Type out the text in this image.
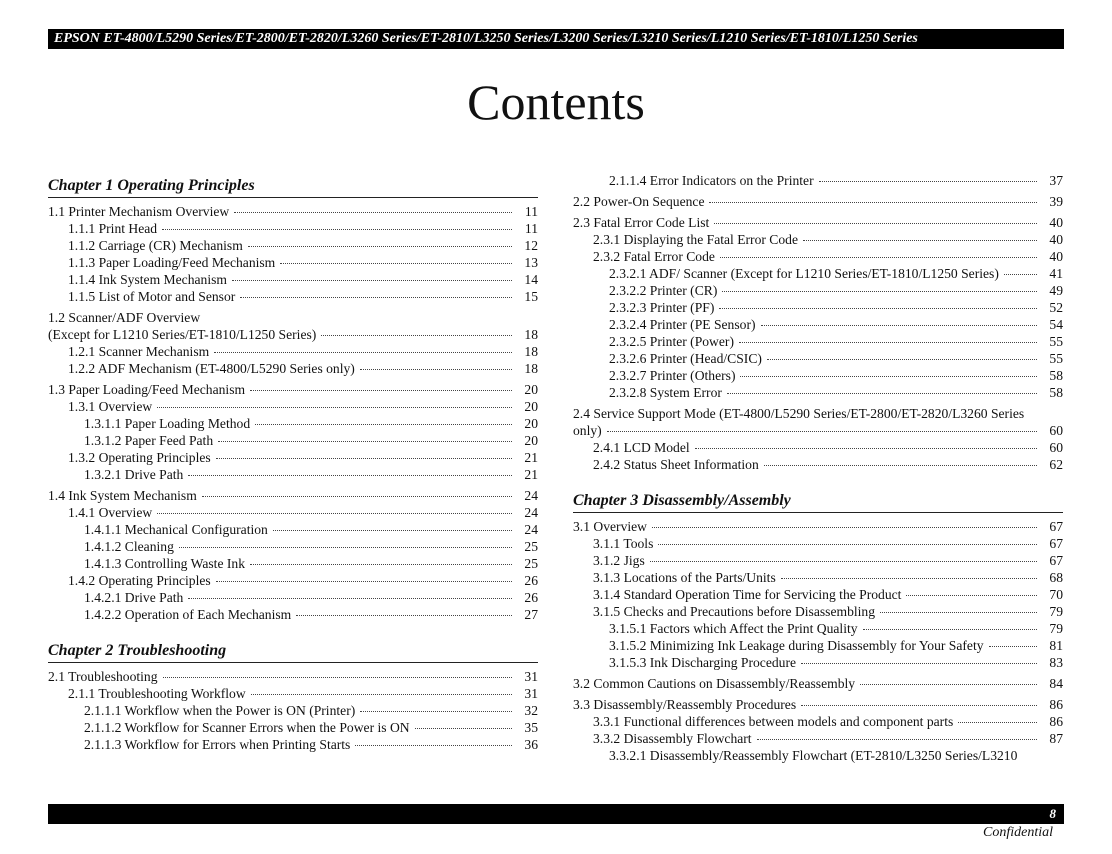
EPSON ET-4800/L5290 Series/ET-2800/ET-2820/L3260 Series/ET-2810/L3250 Series/L3200 Series/L3210 Series/L1210 Series/ET-1810/L1250 Series
Contents
Chapter 1 Operating Principles
1.1 Printer Mechanism Overview	11
1.1.1 Print Head	11
1.1.2 Carriage (CR) Mechanism	12
1.1.3 Paper Loading/Feed Mechanism	13
1.1.4 Ink System Mechanism	14
1.1.5 List of Motor and Sensor	15
1.2 Scanner/ADF Overview
(Except for L1210 Series/ET-1810/L1250 Series)	18
1.2.1 Scanner Mechanism	18
1.2.2 ADF Mechanism (ET-4800/L5290 Series only)	18
1.3 Paper Loading/Feed Mechanism	20
1.3.1 Overview	20
1.3.1.1 Paper Loading Method	20
1.3.1.2 Paper Feed Path	20
1.3.2 Operating Principles	21
1.3.2.1 Drive Path	21
1.4 Ink System Mechanism	24
1.4.1 Overview	24
1.4.1.1 Mechanical Configuration	24
1.4.1.2 Cleaning	25
1.4.1.3 Controlling Waste Ink	25
1.4.2 Operating Principles	26
1.4.2.1 Drive Path	26
1.4.2.2 Operation of Each Mechanism	27
Chapter 2 Troubleshooting
2.1 Troubleshooting	31
2.1.1 Troubleshooting Workflow	31
2.1.1.1 Workflow when the Power is ON (Printer)	32
2.1.1.2 Workflow for Scanner Errors when the Power is ON	35
2.1.1.3 Workflow for Errors when Printing Starts	36
2.1.1.4 Error Indicators on the Printer	37
2.2 Power-On Sequence	39
2.3 Fatal Error Code List	40
2.3.1 Displaying the Fatal Error Code	40
2.3.2 Fatal Error Code	40
2.3.2.1 ADF/ Scanner (Except for L1210 Series/ET-1810/L1250 Series)	41
2.3.2.2 Printer (CR)	49
2.3.2.3 Printer (PF)	52
2.3.2.4 Printer (PE Sensor)	54
2.3.2.5 Printer (Power)	55
2.3.2.6 Printer (Head/CSIC)	55
2.3.2.7 Printer (Others)	58
2.3.2.8 System Error	58
2.4 Service Support Mode (ET-4800/L5290 Series/ET-2800/ET-2820/L3260 Series
only)	60
2.4.1 LCD Model	60
2.4.2 Status Sheet Information	62
Chapter 3 Disassembly/Assembly
3.1 Overview	67
3.1.1 Tools	67
3.1.2 Jigs	67
3.1.3 Locations of the Parts/Units	68
3.1.4 Standard Operation Time for Servicing the Product	70
3.1.5 Checks and Precautions before Disassembling	79
3.1.5.1 Factors which Affect the Print Quality	79
3.1.5.2 Minimizing Ink Leakage during Disassembly for Your Safety	81
3.1.5.3 Ink Discharging Procedure	83
3.2 Common Cautions on Disassembly/Reassembly	84
3.3 Disassembly/Reassembly Procedures	86
3.3.1 Functional differences between models and component parts	86
3.3.2 Disassembly Flowchart	87
3.3.2.1 Disassembly/Reassembly Flowchart (ET-2810/L3250 Series/L3210
8
Confidential
